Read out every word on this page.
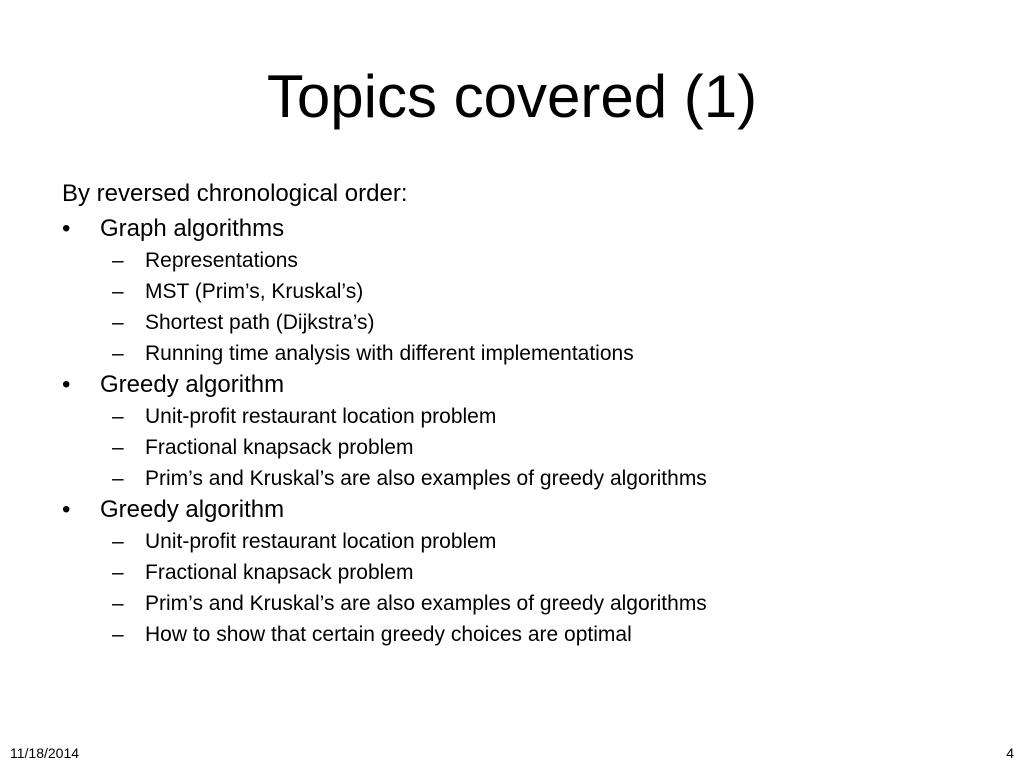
Topics covered (1)
By reversed chronological order:
• Graph algorithms
– Representations
– MST (Prim’s, Kruskal’s)
– Shortest path (Dijkstra’s)
– Running time analysis with different implementations
• Greedy algorithm
– Unit-profit restaurant location problem
– Fractional knapsack problem
– Prim’s and Kruskal’s are also examples of greedy algorithms
• Greedy algorithm
– Unit-profit restaurant location problem
– Fractional knapsack problem
– Prim’s and Kruskal’s are also examples of greedy algorithms
– How to show that certain greedy choices are optimal
11/18/2014	4
